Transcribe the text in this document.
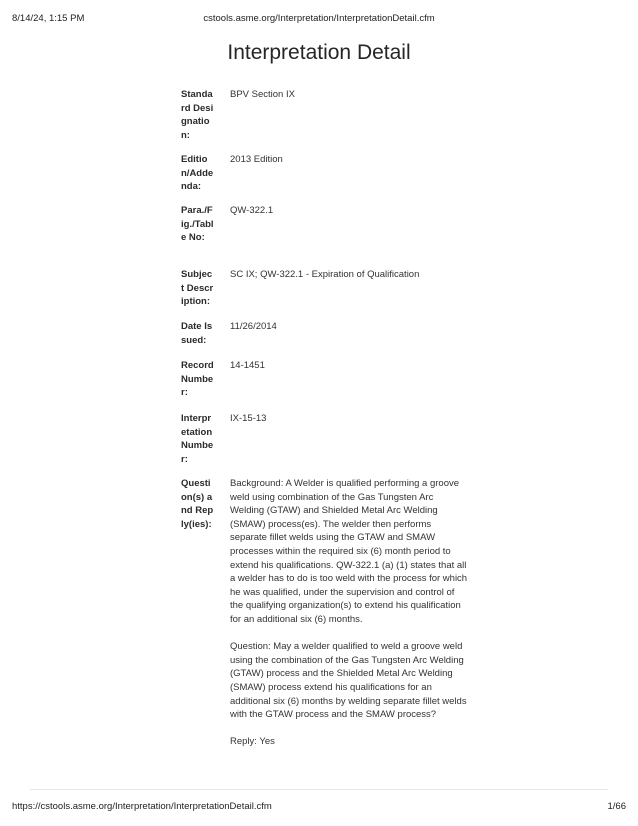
8/14/24, 1:15 PM	cstools.asme.org/Interpretation/InterpretationDetail.cfm
Interpretation Detail
Standard Designation:
BPV Section IX
Edition/Addenda:
2013 Edition
Para./Fig./Table No:
QW-322.1
Subject Description:
SC IX; QW-322.1 - Expiration of Qualification
Date Issued:
11/26/2014
Record Number:
14-1451
Interpretation Number:
IX-15-13
Question(s) and Reply(ies):

Background: A Welder is qualified performing a groove weld using combination of the Gas Tungsten Arc Welding (GTAW) and Shielded Metal Arc Welding (SMAW) process(es). The welder then performs separate fillet welds using the GTAW and SMAW processes within the required six (6) month period to extend his qualifications. QW-322.1 (a) (1) states that all a welder has to do is too weld with the process for which he was qualified, under the supervision and control of the qualifying organization(s) to extend his qualification for an additional six (6) months.

Question: May a welder qualified to weld a groove weld using the combination of the Gas Tungsten Arc Welding (GTAW) process and the Shielded Metal Arc Welding (SMAW) process extend his qualifications for an additional six (6) months by welding separate fillet welds with the GTAW process and the SMAW process?

Reply: Yes

https://cstools.asme.org/Interpretation/InterpretationDetail.cfm	1/66
